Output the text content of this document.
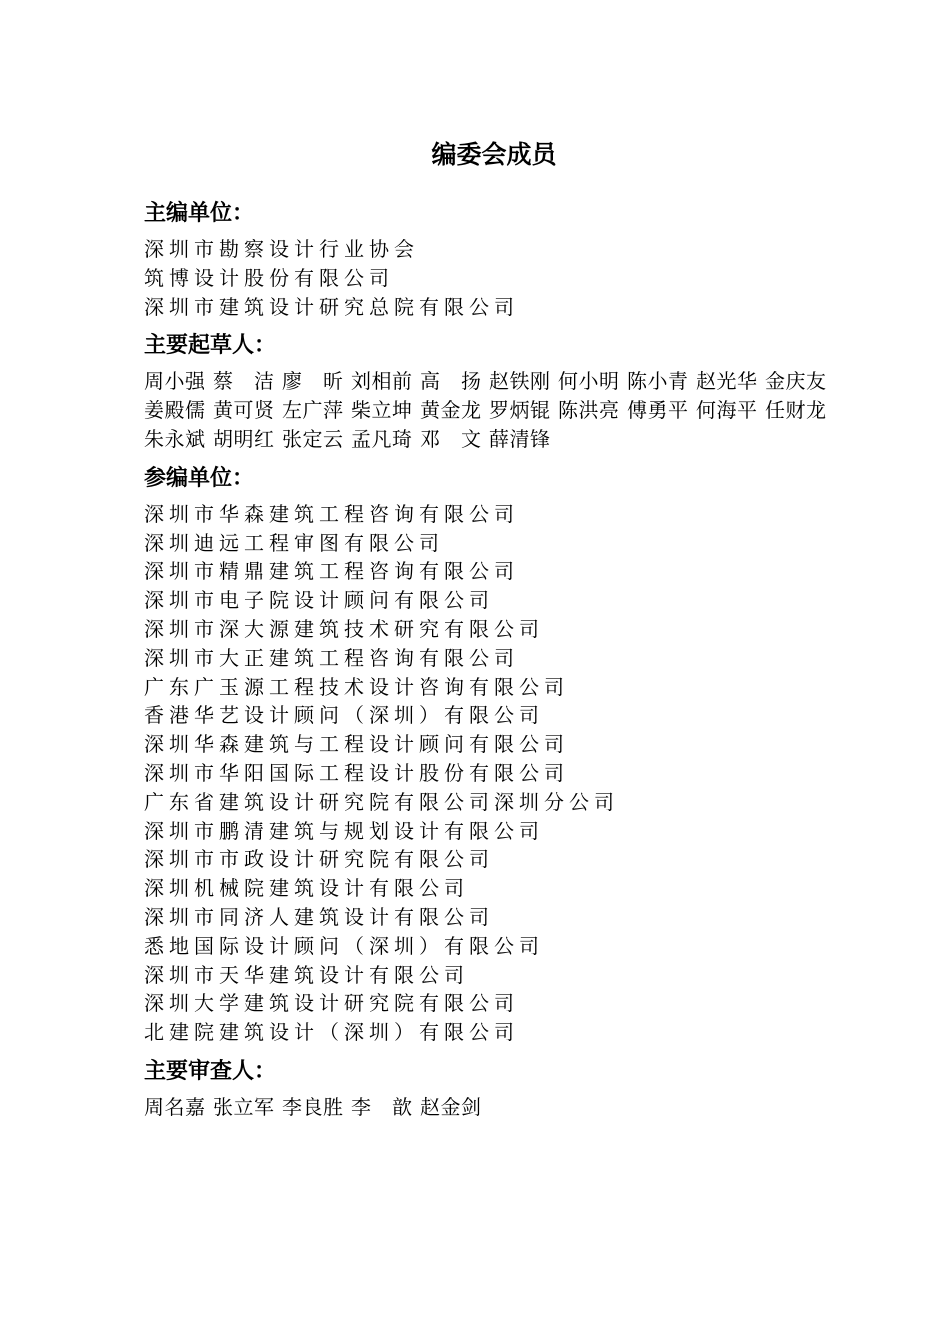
编委会成员
主编单位：
深圳市勘察设计行业协会
筑博设计股份有限公司
深圳市建筑设计研究总院有限公司
主要起草人：
周小强 蔡　洁 廖　昕 刘相前 高　扬 赵铁刚 何小明 陈小青 赵光华 金庆友
姜殿儒 黄可贤 左广萍 柴立坤 黄金龙 罗炳锟 陈洪亮 傅勇平 何海平 任财龙
朱永斌 胡明红 张定云 孟凡琦 邓　文 薛清锋
参编单位：
深圳市华森建筑工程咨询有限公司
深圳迪远工程审图有限公司
深圳市精鼎建筑工程咨询有限公司
深圳市电子院设计顾问有限公司
深圳市深大源建筑技术研究有限公司
深圳市大正建筑工程咨询有限公司
广东广玉源工程技术设计咨询有限公司
香港华艺设计顾问（深圳）有限公司
深圳华森建筑与工程设计顾问有限公司
深圳市华阳国际工程设计股份有限公司
广东省建筑设计研究院有限公司深圳分公司
深圳市鹏清建筑与规划设计有限公司
深圳市市政设计研究院有限公司
深圳机械院建筑设计有限公司
深圳市同济人建筑设计有限公司
悉地国际设计顾问（深圳）有限公司
深圳市天华建筑设计有限公司
深圳大学建筑设计研究院有限公司
北建院建筑设计（深圳）有限公司
主要审查人：
周名嘉 张立军 李良胜 李　歆 赵金剑
